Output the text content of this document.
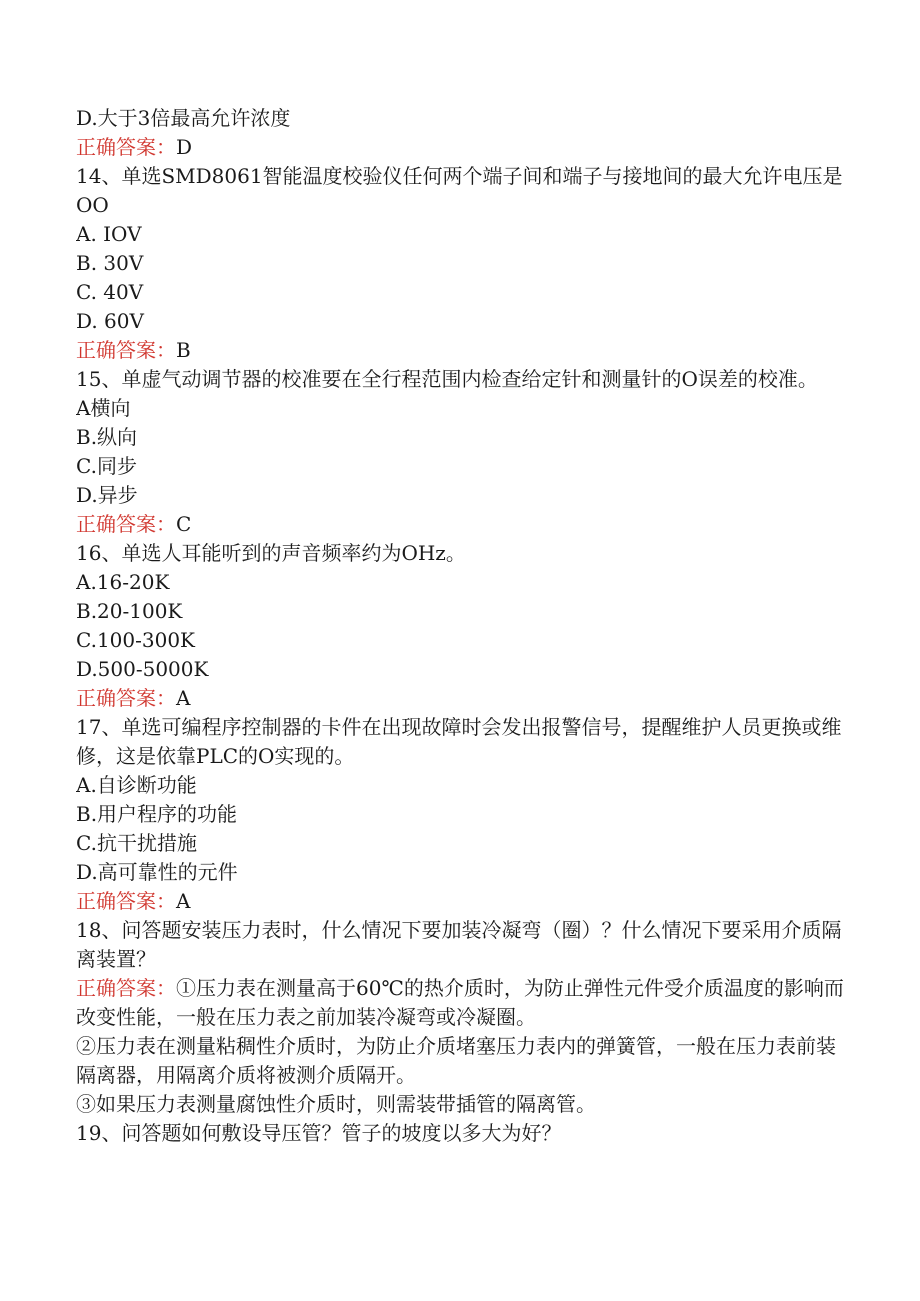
D.大于3倍最高允许浓度
正确答案：D
14、单选SMD8061智能温度校验仪任何两个端子间和端子与接地间的最大允许电压是OO
A. IOV
B. 30V
C. 40V
D. 60V
正确答案：B
15、单虚气动调节器的校准要在全行程范围内检查给定针和测量针的O误差的校准。
A横向
B.纵向
C.同步
D.异步
正确答案：C
16、单选人耳能听到的声音频率约为OHz。
A.16-20K
B.20-100K
C.100-300K
D.500-5000K
正确答案：A
17、单选可编程序控制器的卡件在出现故障时会发出报警信号，提醒维护人员更换或维修，这是依靠PLC的O实现的。
A.自诊断功能
B.用户程序的功能
C.抗干扰措施
D.高可靠性的元件
正确答案：A
18、问答题安装压力表时，什么情况下要加装冷凝弯（圈）？什么情况下要采用介质隔离装置？
正确答案：①压力表在测量高于60℃的热介质时，为防止弹性元件受介质温度的影响而改变性能，一般在压力表之前加装冷凝弯或冷凝圈。
②压力表在测量粘稠性介质时，为防止介质堵塞压力表内的弹簧管，一般在压力表前装隔离器，用隔离介质将被测介质隔开。
③如果压力表测量腐蚀性介质时，则需装带插管的隔离管。
19、问答题如何敷设导压管？管子的坡度以多大为好？
